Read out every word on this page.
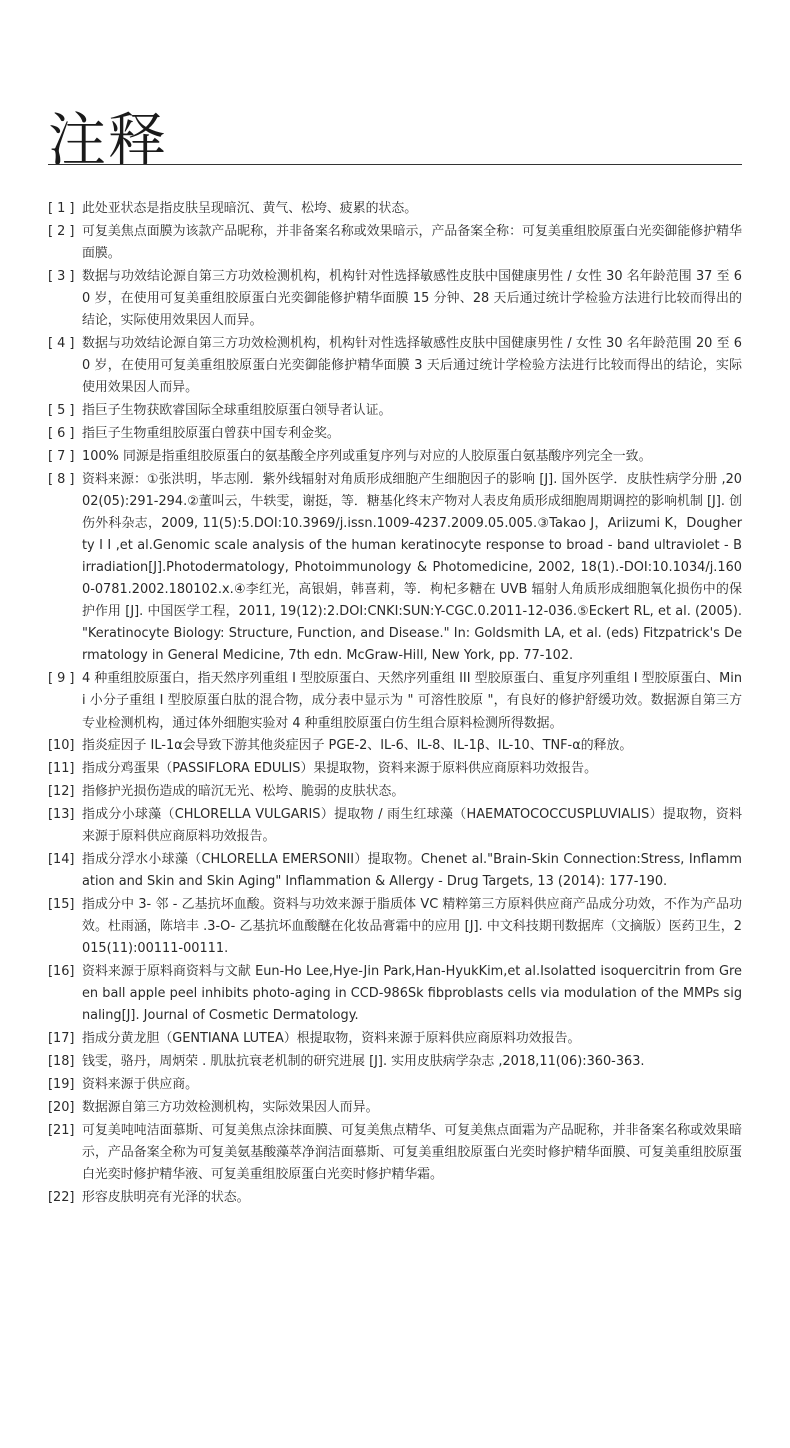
注释
[ 1 ] 此处亚状态是指皮肤呈现暗沉、黄气、松垮、疲累的状态。
[ 2 ] 可复美焦点面膜为该款产品昵称，并非备案名称或效果暗示，产品备案全称：可复美重组胶原蛋白光奕御能修护精华面膜。
[ 3 ] 数据与功效结论源自第三方功效检测机构，机构针对性选择敏感性皮肤中国健康男性 / 女性 30 名年龄范围 37 至 60 岁，在使用可复美重组胶原蛋白光奕御能修护精华面膜 15 分钟、28 天后通过统计学检验方法进行比较而得出的结论，实际使用效果因人而异。
[ 4 ] 数据与功效结论源自第三方功效检测机构，机构针对性选择敏感性皮肤中国健康男性 / 女性 30 名年龄范围 20 至 60 岁，在使用可复美重组胶原蛋白光奕御能修护精华面膜 3 天后通过统计学检验方法进行比较而得出的结论，实际使用效果因人而异。
[ 5 ] 指巨子生物获欧睿国际全球重组胶原蛋白领导者认证。
[ 6 ] 指巨子生物重组胶原蛋白曾获中国专利金奖。
[ 7 ] 100% 同源是指重组胶原蛋白的氨基酸全序列或重复序列与对应的人胶原蛋白氨基酸序列完全一致。
[ 8 ] 资料来源：①张洪明，毕志刚．紫外线辐射对角质形成细胞产生细胞因子的影响 [J]. 国外医学．皮肤性病学分册 ,2002(05):291-294.②董叫云，牛轶雯，谢挺，等．糖基化终末产物对人表皮角质形成细胞周期调控的影响机制 [J]. 创伤外科杂志，2009, 11(5):5.DOI:10.3969/j.issn.1009-4237.2009.05.005.③Takao J，Ariizumi K，Dougherty I I ,et al.Genomic scale analysis of the human keratinocyte response to broad - band ultraviolet - B irradiation[J].Photodermatology, Photoimmunology & Photomedicine, 2002, 18(1).-DOI:10.1034/j.1600-0781.2002.180102.x.④李红光，高银娟，韩喜莉，等．枸杞多糖在 UVB 辐射人角质形成细胞氧化损伤中的保护作用 [J]. 中国医学工程，2011, 19(12):2.DOI:CNKI:SUN:Y-CGC.0.2011-12-036.⑤Eckert RL, et al. (2005). "Keratinocyte Biology: Structure, Function, and Disease." In: Goldsmith LA, et al. (eds) Fitzpatrick's Dermatology in General Medicine, 7th edn. McGraw-Hill, New York, pp. 77-102.
[ 9 ] 4 种重组胶原蛋白，指天然序列重组 I 型胶原蛋白、天然序列重组 III 型胶原蛋白、重复序列重组 I 型胶原蛋白、Mini 小分子重组 I 型胶原蛋白肽的混合物，成分表中显示为 " 可溶性胶原 "，有良好的修护舒缓功效。数据源自第三方专业检测机构，通过体外细胞实验对 4 种重组胶原蛋白仿生组合原料检测所得数据。
[10] 指炎症因子 IL-1α会导致下游其他炎症因子 PGE-2、IL-6、IL-8、IL-1β、IL-10、TNF-α的释放。
[11] 指成分鸡蛋果（PASSIFLORA EDULIS）果提取物，资料来源于原料供应商原料功效报告。
[12] 指修护光损伤造成的暗沉无光、松垮、脆弱的皮肤状态。
[13] 指成分小球藻（CHLORELLA VULGARIS）提取物 / 雨生红球藻（HAEMATOCOCCUSPLUVIALIS）提取物，资料来源于原料供应商原料功效报告。
[14] 指成分浮水小球藻（CHLORELLA EMERSONII）提取物。Chenet al."Brain-Skin Connection:Stress, Inflammation and Skin and Skin Aging" Inflammation & Allergy - Drug Targets, 13 (2014): 177-190.
[15] 指成分中 3- 邻 - 乙基抗坏血酸。资料与功效来源于脂质体 VC 精粹第三方原料供应商产品成分功效，不作为产品功效。杜雨涵，陈培丰 .3-O- 乙基抗坏血酸醚在化妆品膏霜中的应用 [J]. 中文科技期刊数据库（文摘版）医药卫生，2015(11):00111-00111.
[16] 资料来源于原料商资料与文献 Eun-Ho Lee,Hye-Jin Park,Han-HyukKim,et al.Isolatted isoquercitrin from Green ball apple peel inhibits photo-aging in CCD-986Sk fibproblasts cells via modulation of the MMPs signaling[J]. Journal of Cosmetic Dermatology.
[17] 指成分黄龙胆（GENTIANA LUTEA）根提取物，资料来源于原料供应商原料功效报告。
[18] 钱雯，骆丹，周炳荣 . 肌肽抗衰老机制的研究进展 [J]. 实用皮肤病学杂志 ,2018,11(06):360-363.
[19] 资料来源于供应商。
[20] 数据源自第三方功效检测机构，实际效果因人而异。
[21] 可复美吨吨洁面慕斯、可复美焦点涂抹面膜、可复美焦点精华、可复美焦点面霜为产品昵称，并非备案名称或效果暗示，产品备案全称为可复美氨基酸藻萃净润洁面慕斯、可复美重组胶原蛋白光奕时修护精华面膜、可复美重组胶原蛋白光奕时修护精华液、可复美重组胶原蛋白光奕时修护精华霜。
[22] 形容皮肤明亮有光泽的状态。
